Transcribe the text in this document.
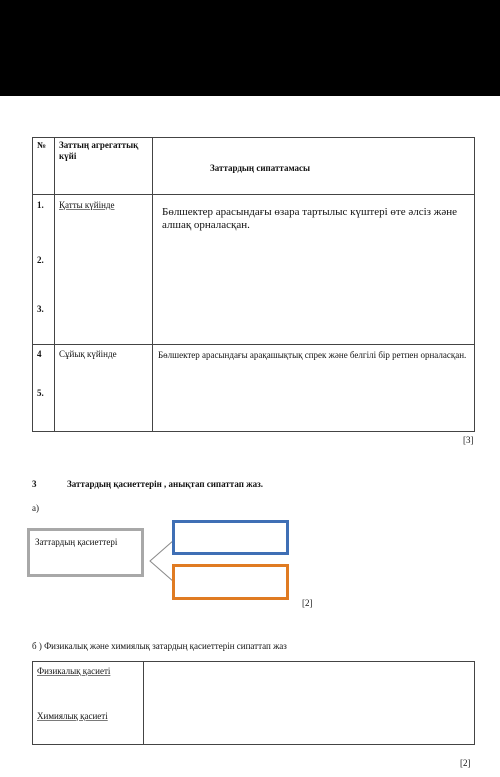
№ Заттың агрегаттық күйі
Заттардың сипаттамасы
1.
2.
3.
4
5.
Қатты күйінде
Бөлшектер арасындағы өзара тартылыс күштері өте әлсіз және алшақ орналасқан.
Сұйық күйінде	Бөлшектер арасындағы арақашықтық спрек және белгілі бір ретпен орналасқан.
[3]
3	Заттардың қасиеттерін , анықтап сипаттап жаз.
а)
Заттардың қасиеттері
[2]
б ) Физикалық және химиялық затардың қасиеттерін сипаттап жаз
Физикалық қасиеті
Химиялық қасиеті
[2]
